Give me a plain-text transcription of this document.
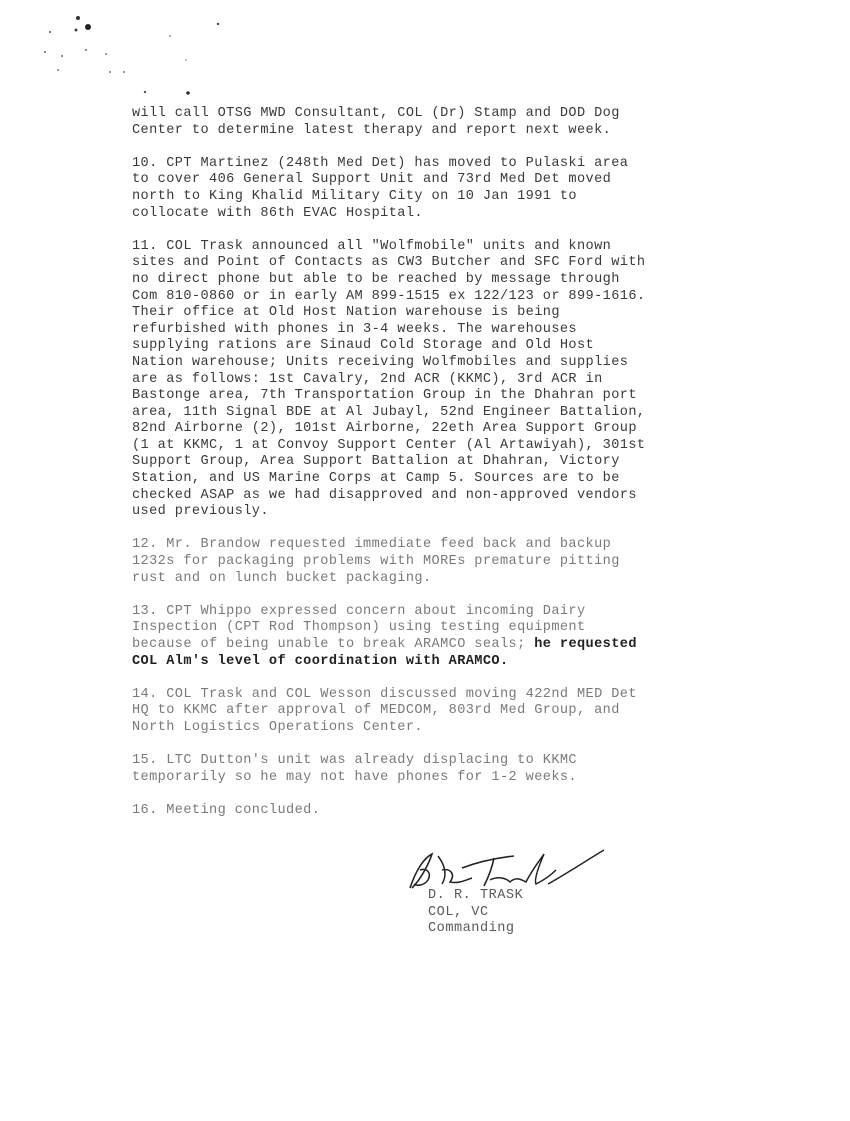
will call OTSG MWD Consultant, COL (Dr) Stamp and DOD Dog
Center to determine latest therapy and report next week.

10. CPT Martinez (248th Med Det) has moved to Pulaski area
to cover 406 General Support Unit and 73rd Med Det moved
north to King Khalid Military City on 10 Jan 1991 to
collocate with 86th EVAC Hospital.

11. COL Trask announced all "Wolfmobile" units and known
sites and Point of Contacts as CW3 Butcher and SFC Ford with
no direct phone but able to be reached by message through
Com 810-0860 or in early AM 899-1515 ex 122/123 or 899-1616.
Their office at Old Host Nation warehouse is being
refurbished with phones in 3-4 weeks. The warehouses
supplying rations are Sinaud Cold Storage and Old Host
Nation warehouse; Units receiving Wolfmobiles and supplies
are as follows: 1st Cavalry, 2nd ACR (KKMC), 3rd ACR in
Bastonge area, 7th Transportation Group in the Dhahran port
area, 11th Signal BDE at Al Jubayl, 52nd Engineer Battalion,
82nd Airborne (2), 101st Airborne, 22eth Area Support Group
(1 at KKMC, 1 at Convoy Support Center (Al Artawiyah), 301st
Support Group, Area Support Battalion at Dhahran, Victory
Station, and US Marine Corps at Camp 5. Sources are to be
checked ASAP as we had disapproved and non-approved vendors
used previously.

12. Mr. Brandow requested immediate feed back and backup
1232s for packaging problems with MOREs premature pitting
rust and on lunch bucket packaging.

13. CPT Whippo expressed concern about incoming Dairy
Inspection (CPT Rod Thompson) using testing equipment
because of being unable to break ARAMCO seals; he requested
COL Alm's level of coordination with ARAMCO.

14. COL Trask and COL Wesson discussed moving 422nd MED Det
HQ to KKMC after approval of MEDCOM, 803rd Med Group, and
North Logistics Operations Center.

15. LTC Dutton's unit was already displacing to KKMC
temporarily so he may not have phones for 1-2 weeks.

16. Meeting concluded.

D. R. TRASK
COL, VC
Commanding
